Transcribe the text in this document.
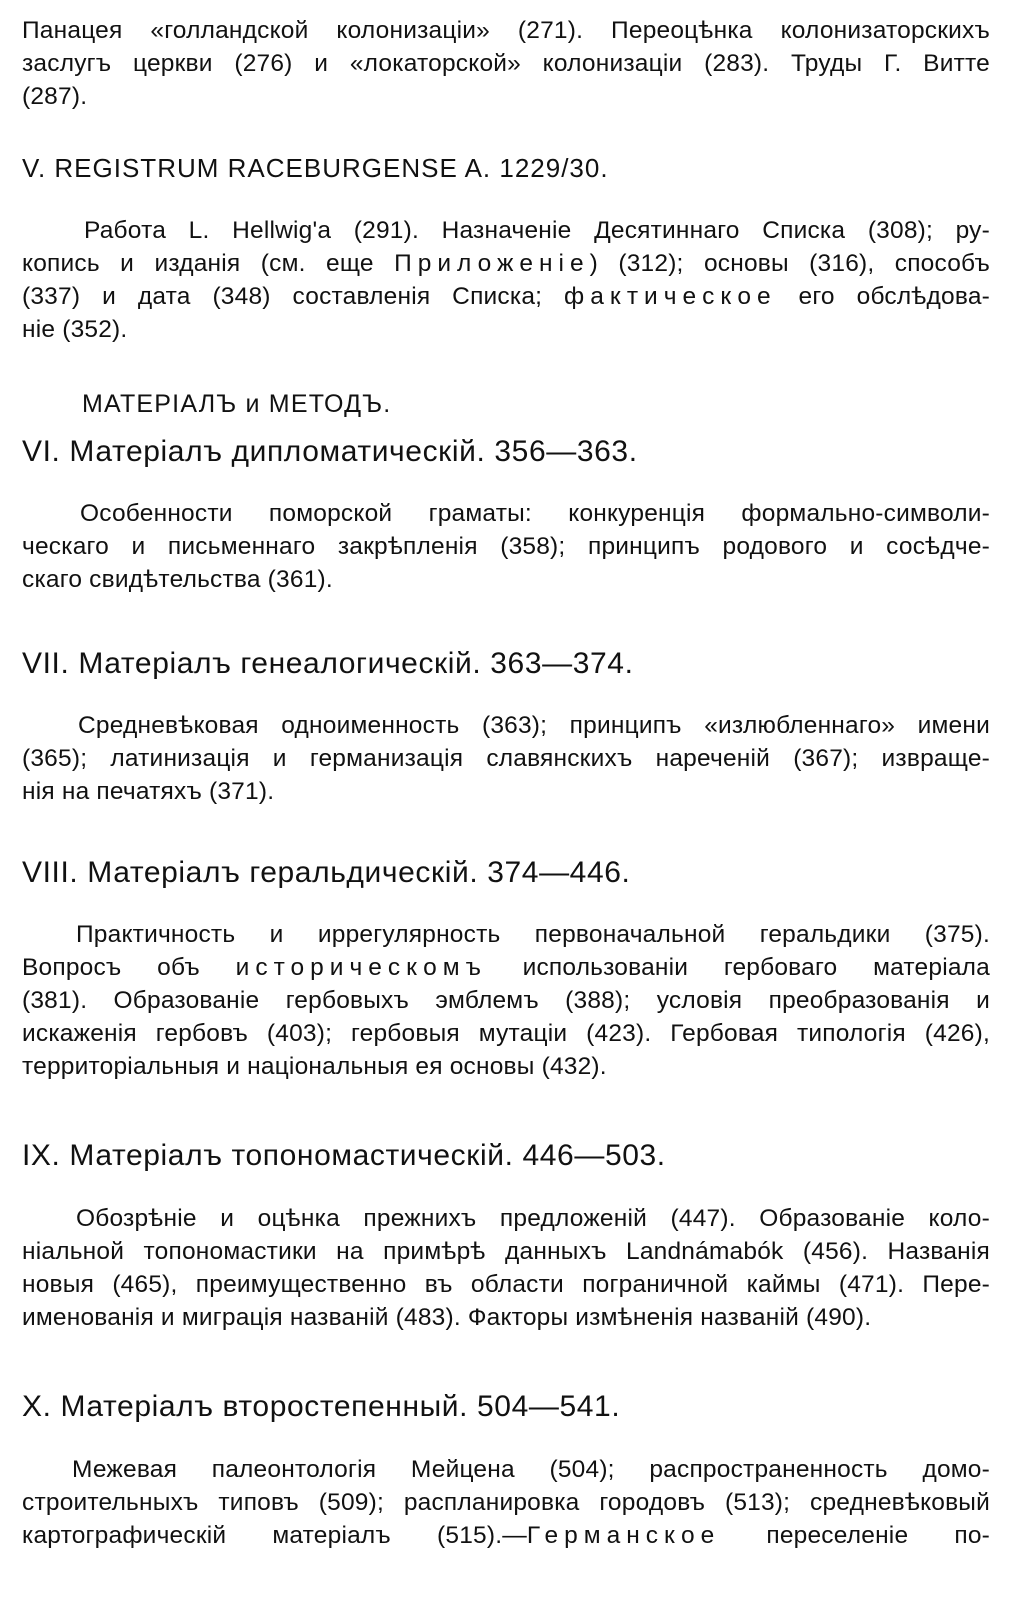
Панацея «голландской колонизаціи» (271). Переоцѣнка колонизаторскихъ
заслугъ церкви (276) и «локаторской» колонизаціи (283). Труды Г. Витте
(287).
V. REGISTRUM RACEBURGENSE A. 1229/30.
Работа L. Hellwig'a (291). Назначеніе Десятиннаго Списка (308); ру-
копись и изданія (см. еще Приложеніе) (312); основы (316), способъ
(337) и дата (348) составленія Списка; фактическое его обслѣдова-
ніе (352).
МАТЕРІАЛЪ и МЕТОДЪ.
VI. Матеріалъ дипломатическій. 356—363.
Особенности поморской граматы: конкуренція формально-символи-
ческаго и письменнаго закрѣпленія (358); принципъ родового и сосѣдче-
скаго свидѣтельства (361).
VII. Матеріалъ генеалогическій. 363—374.
Средневѣковая одноименность (363); принципъ «излюбленнаго» имени
(365); латинизація и германизація славянскихъ нареченій (367); извраще-
нія на печатяхъ (371).
VIII. Матеріалъ геральдическій. 374—446.
Практичность и иррегулярность первоначальной геральдики (375).
Вопросъ объ историческомъ использованіи гербоваго матеріала
(381). Образованіе гербовыхъ эмблемъ (388); условія преобразованія и
искаженія гербовъ (403); гербовыя мутаціи (423). Гербовая типологія (426),
территоріальныя и національныя ея основы (432).
IX. Матеріалъ топономастическій. 446—503.
Обозрѣніе и оцѣнка прежнихъ предложеній (447). Образованіе коло-
ніальной топономастики на примѣрѣ данныхъ Landnámabók (456). Названія
новыя (465), преимущественно въ области пограничной каймы (471). Пере-
именованія и миграція названій (483). Факторы измѣненія названій (490).
X. Матеріалъ второстепенный. 504—541.
Межевая палеонтологія Мейцена (504); распространенность домо-
строительныхъ типовъ (509); распланировка городовъ (513); средневѣковый
картографическій матеріалъ (515).—Германское переселеніе по-
